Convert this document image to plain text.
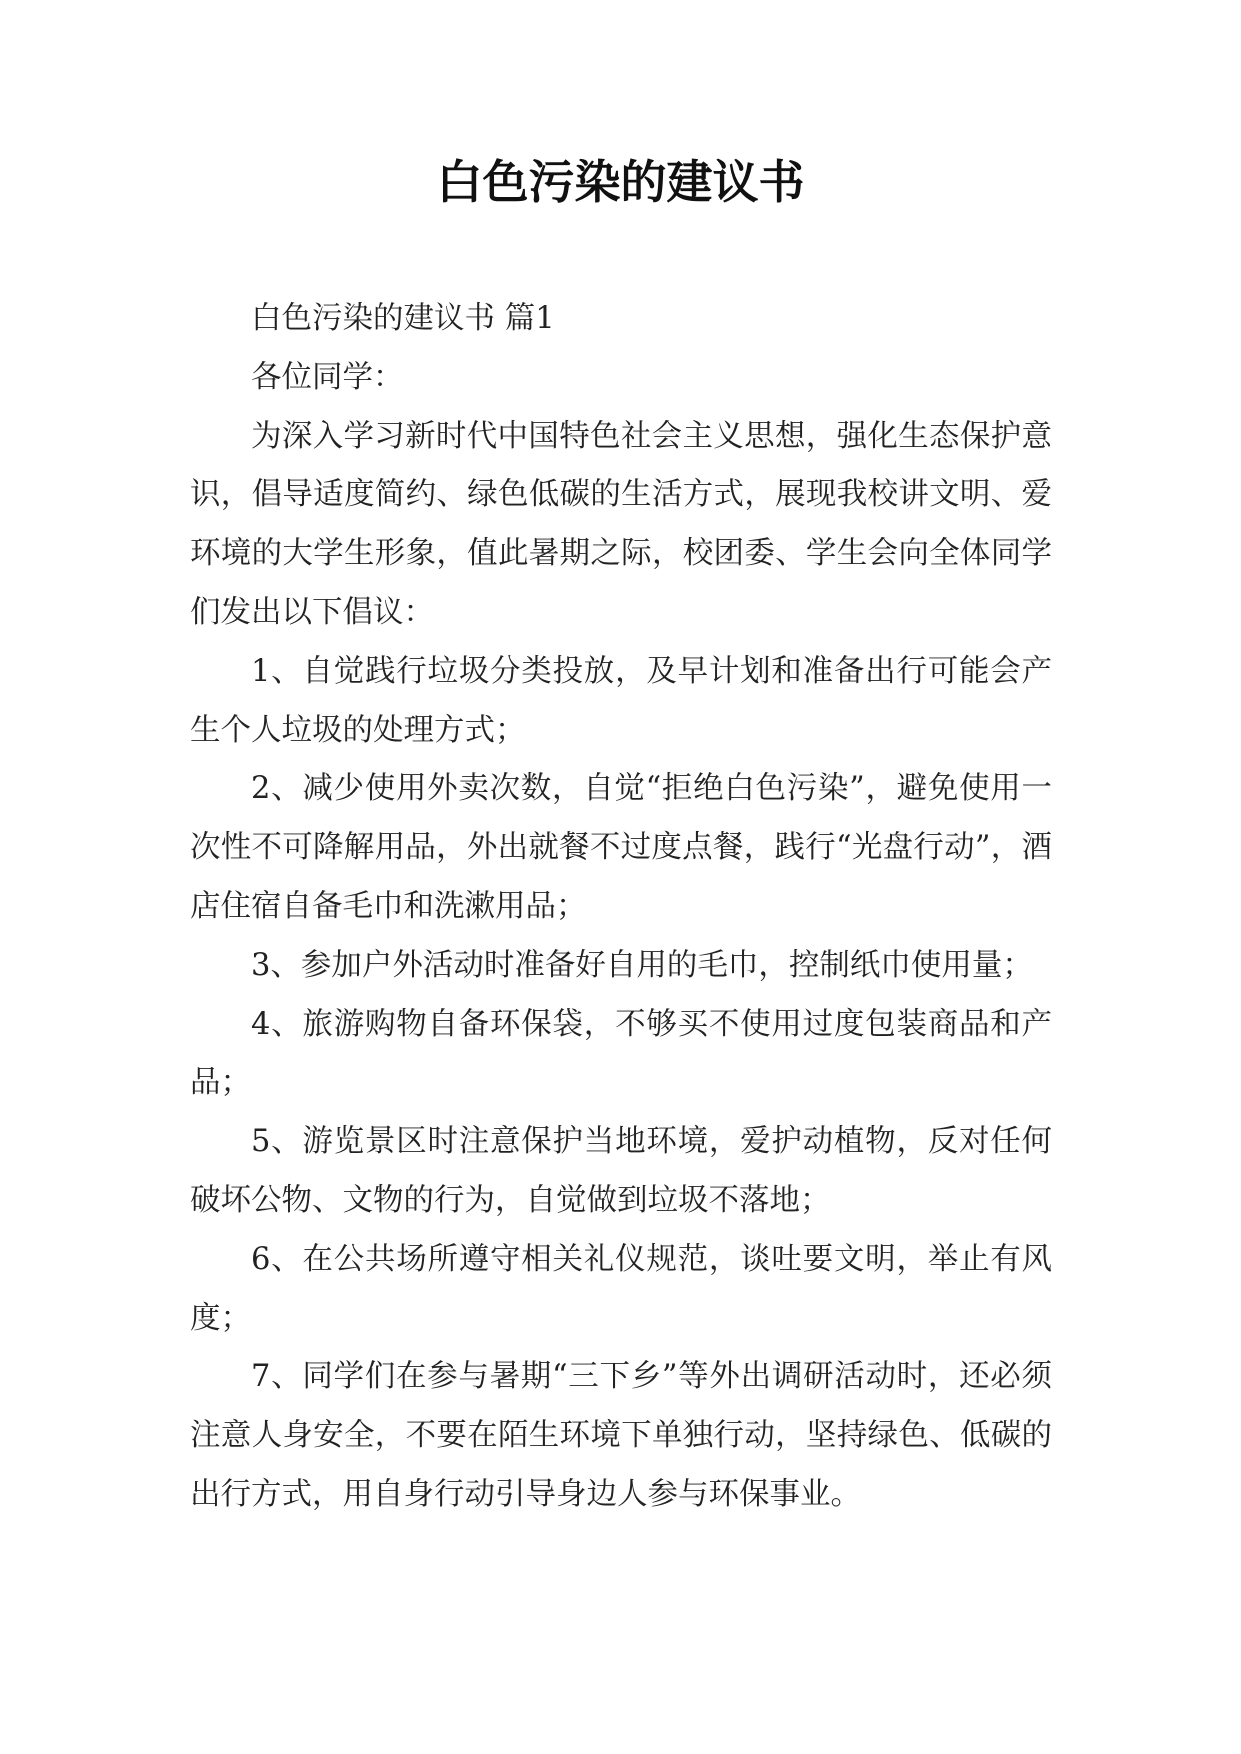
白色污染的建议书

白色污染的建议书 篇1

各位同学：

为深入学习新时代中国特色社会主义思想，强化生态保护意识，倡导适度简约、绿色低碳的生活方式，展现我校讲文明、爱环境的大学生形象，值此暑期之际，校团委、学生会向全体同学们发出以下倡议：

1、自觉践行垃圾分类投放，及早计划和准备出行可能会产生个人垃圾的处理方式；

2、减少使用外卖次数，自觉“拒绝白色污染”，避免使用一次性不可降解用品，外出就餐不过度点餐，践行“光盘行动”，酒店住宿自备毛巾和洗漱用品；

3、参加户外活动时准备好自用的毛巾，控制纸巾使用量；

4、旅游购物自备环保袋，不够买不使用过度包装商品和产品；

5、游览景区时注意保护当地环境，爱护动植物，反对任何破坏公物、文物的行为，自觉做到垃圾不落地；

6、在公共场所遵守相关礼仪规范，谈吐要文明，举止有风度；

7、同学们在参与暑期“三下乡”等外出调研活动时，还必须注意人身安全，不要在陌生环境下单独行动，坚持绿色、低碳的出行方式，用自身行动引导身边人参与环保事业。
